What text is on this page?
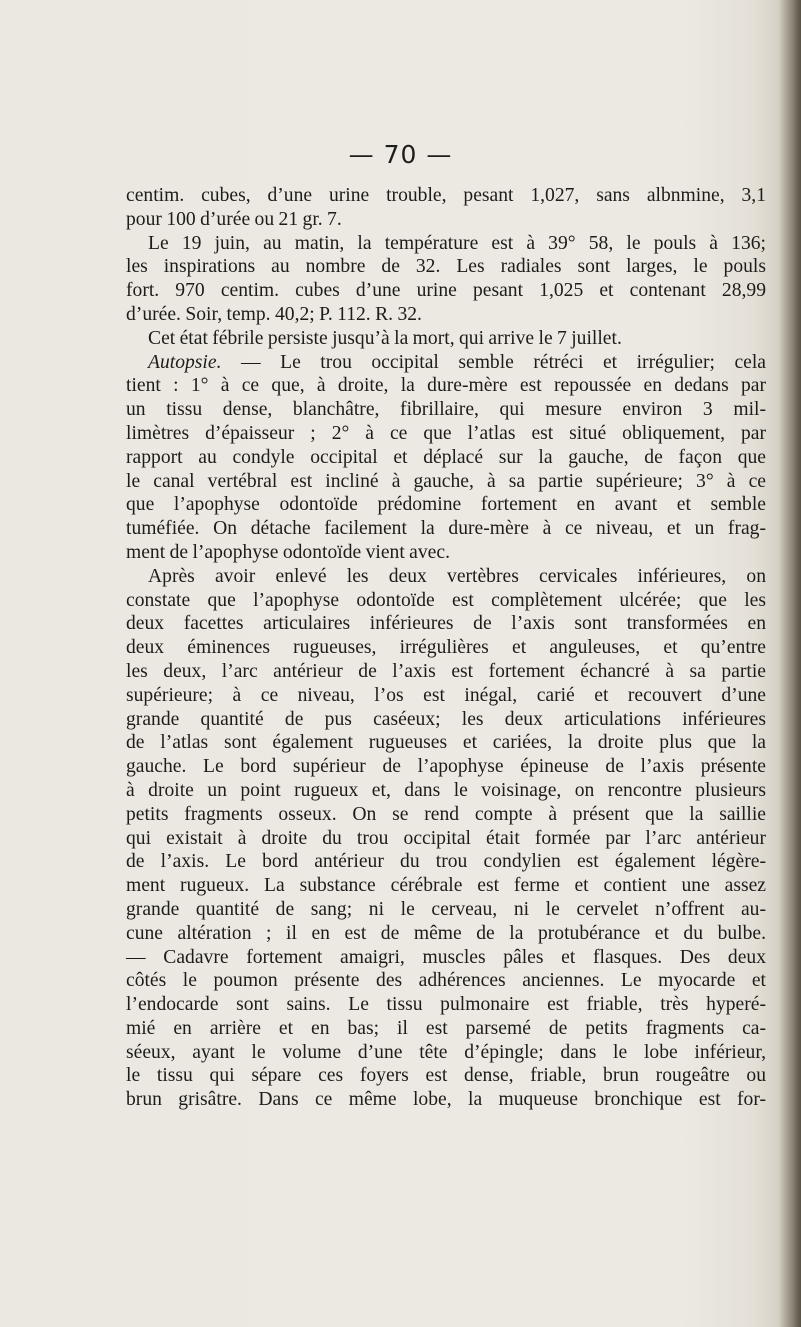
— 70 —
centim. cubes, d’une urine trouble, pesant 1,027, sans albnmine, 3,1
pour 100 d’urée ou 21 gr. 7.
Le 19 juin, au matin, la température est à 39° 58, le pouls à 136;
les inspirations au nombre de 32. Les radiales sont larges, le pouls
fort. 970 centim. cubes d’une urine pesant 1,025 et contenant 28,99
d’urée. Soir, temp. 40,2; P. 112. R. 32.
Cet état fébrile persiste jusqu’à la mort, qui arrive le 7 juillet.
Autopsie. — Le trou occipital semble rétréci et irrégulier; cela
tient : 1° à ce que, à droite, la dure-mère est repoussée en dedans par
un tissu dense, blanchâtre, fibrillaire, qui mesure environ 3 mil-
limètres d’épaisseur ; 2° à ce que l’atlas est situé obliquement, par
rapport au condyle occipital et déplacé sur la gauche, de façon que
le canal vertébral est incliné à gauche, à sa partie supérieure; 3° à ce
que l’apophyse odontoïde prédomine fortement en avant et semble
tuméfiée. On détache facilement la dure-mère à ce niveau, et un frag-
ment de l’apophyse odontoïde vient avec.
Après avoir enlevé les deux vertèbres cervicales inférieures, on
constate que l’apophyse odontoïde est complètement ulcérée; que les
deux facettes articulaires inférieures de l’axis sont transformées en
deux éminences rugueuses, irrégulières et anguleuses, et qu’entre
les deux, l’arc antérieur de l’axis est fortement échancré à sa partie
supérieure; à ce niveau, l’os est inégal, carié et recouvert d’une
grande quantité de pus caséeux; les deux articulations inférieures
de l’atlas sont également rugueuses et cariées, la droite plus que la
gauche. Le bord supérieur de l’apophyse épineuse de l’axis présente
à droite un point rugueux et, dans le voisinage, on rencontre plusieurs
petits fragments osseux. On se rend compte à présent que la saillie
qui existait à droite du trou occipital était formée par l’arc antérieur
de l’axis. Le bord antérieur du trou condylien est également légère-
ment rugueux. La substance cérébrale est ferme et contient une assez
grande quantité de sang; ni le cerveau, ni le cervelet n’offrent au-
cune altération ; il en est de même de la protubérance et du bulbe.
— Cadavre fortement amaigri, muscles pâles et flasques. Des deux
côtés le poumon présente des adhérences anciennes. Le myocarde et
l’endocarde sont sains. Le tissu pulmonaire est friable, très hyperé-
mié en arrière et en bas; il est parsemé de petits fragments ca-
séeux, ayant le volume d’une tête d’épingle; dans le lobe inférieur,
le tissu qui sépare ces foyers est dense, friable, brun rougeâtre ou
brun grisâtre. Dans ce même lobe, la muqueuse bronchique est for-
